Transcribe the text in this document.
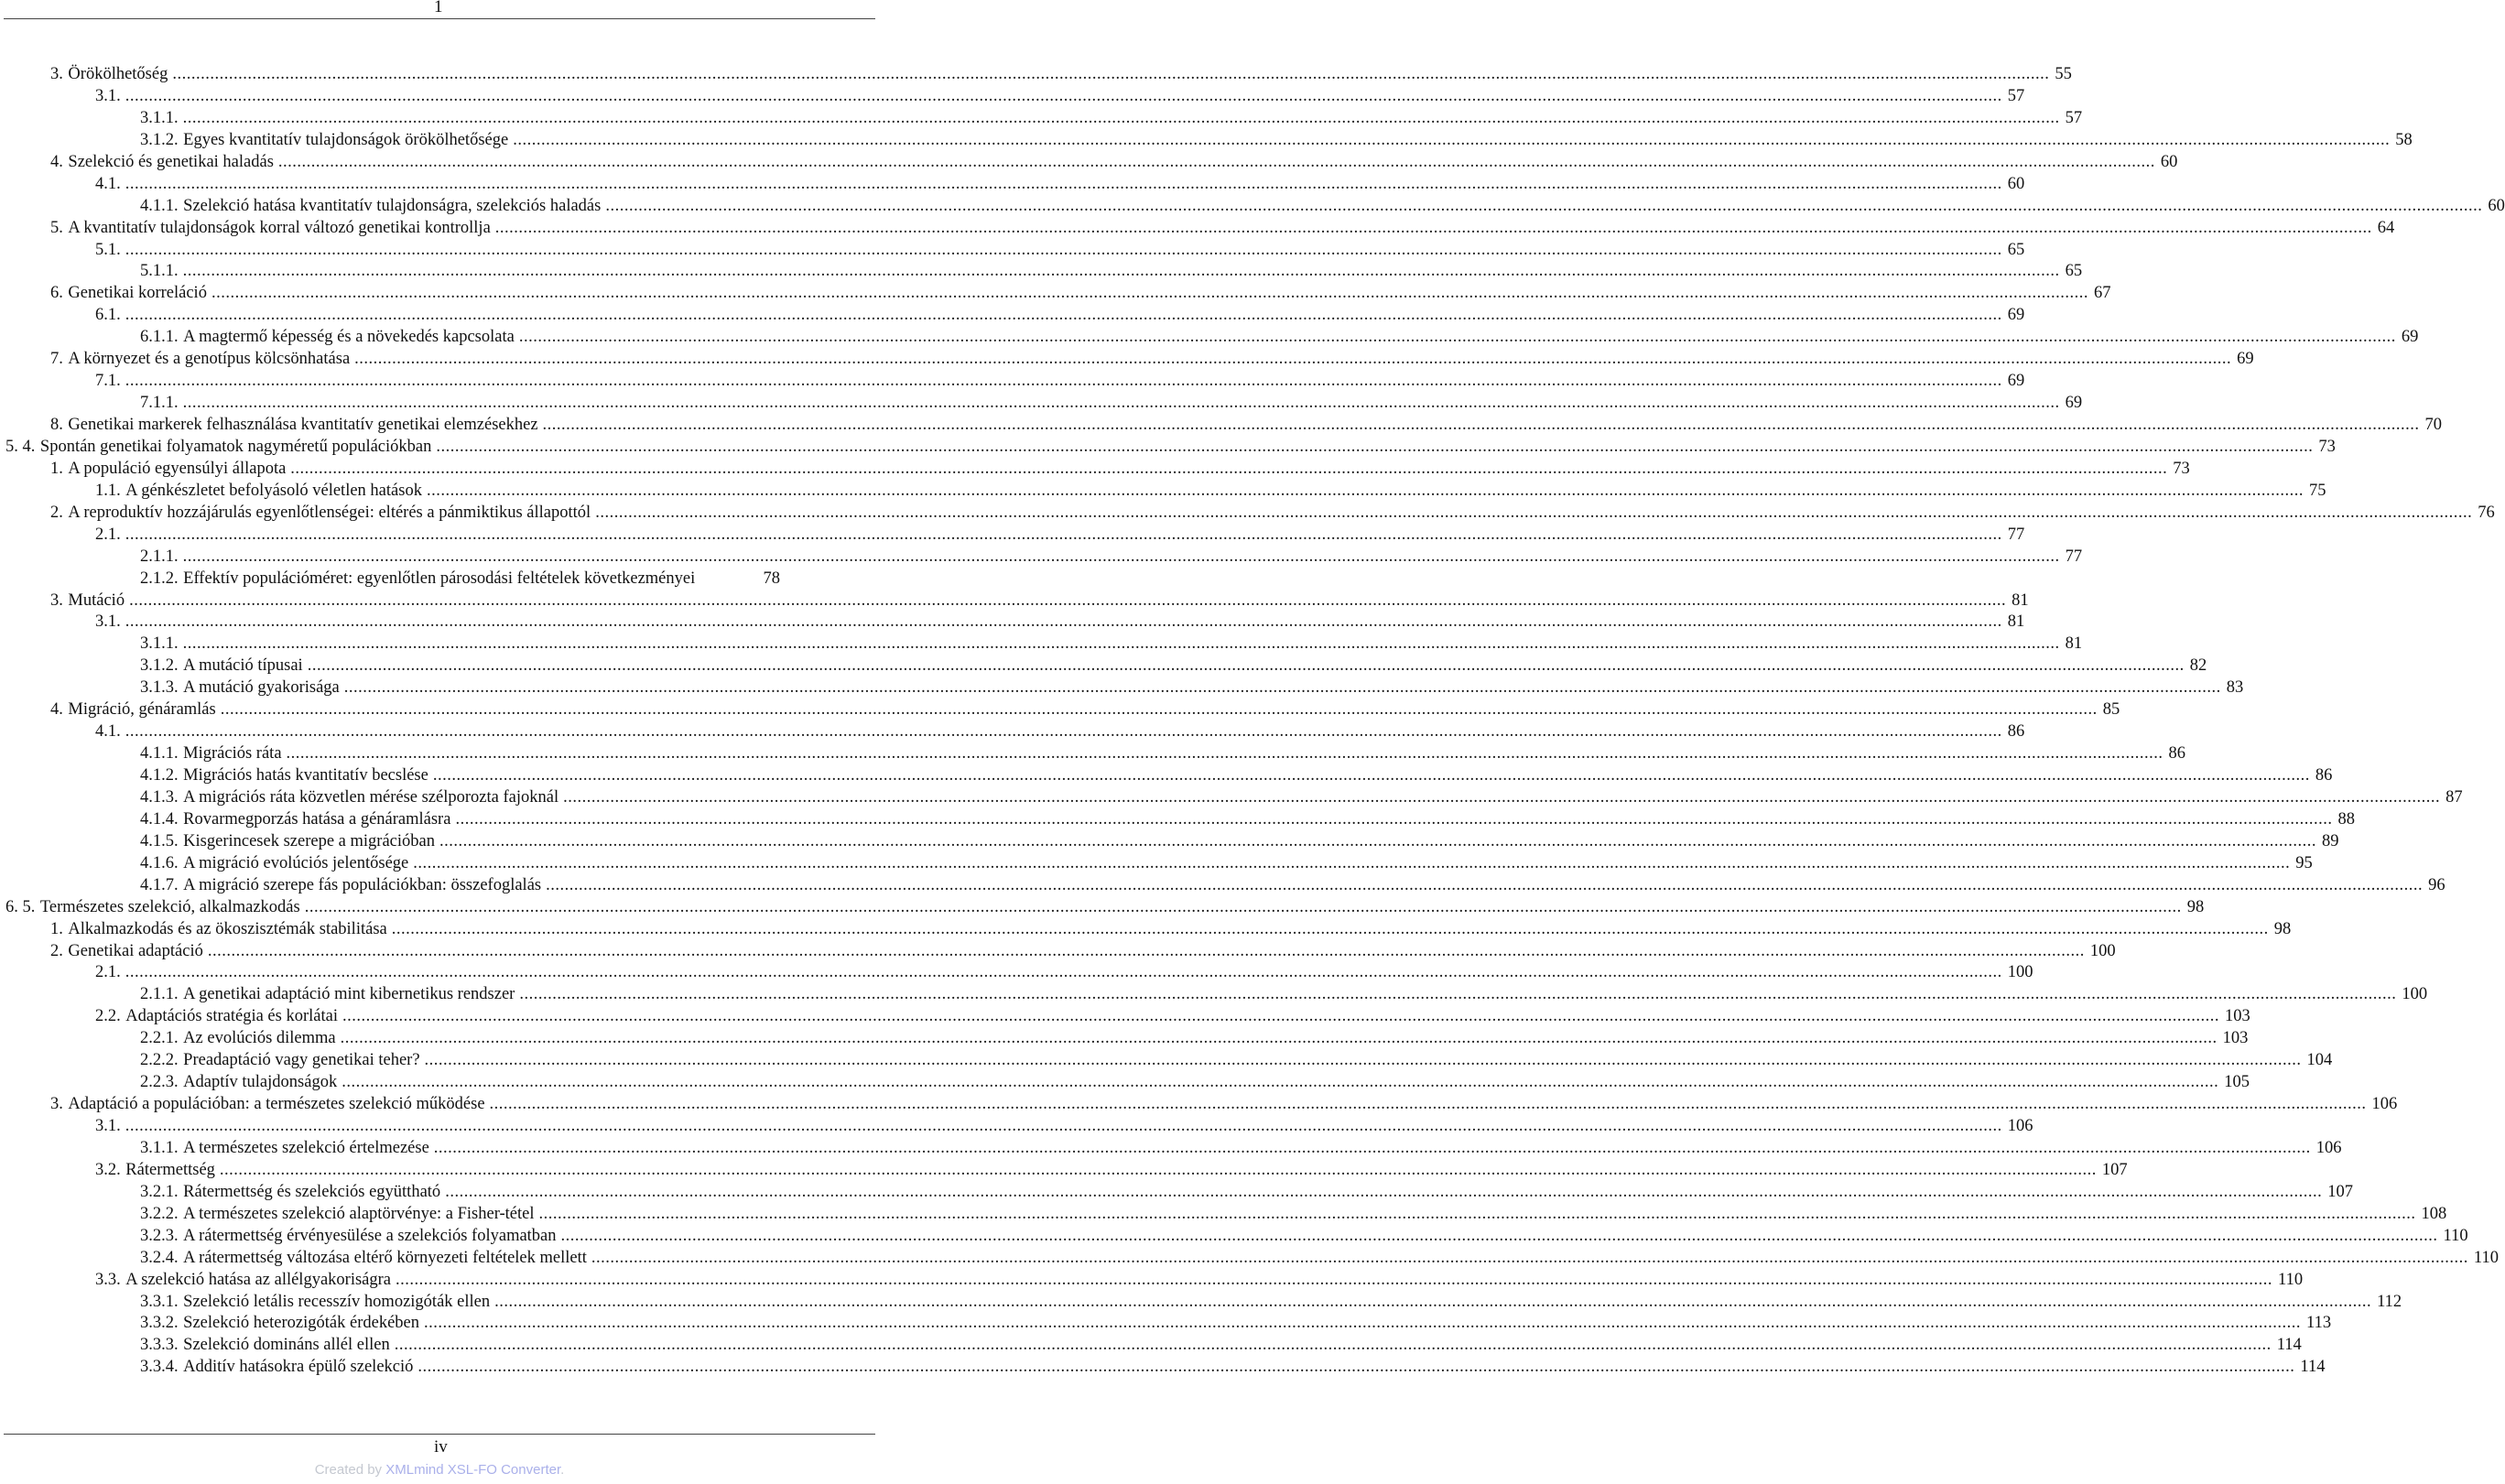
1
3. Örökölhetőség ................................................................................................................................................................................................................................................................................................................................................................................................................ 55
3.1. ................................................................................................................................................................................................................................................................................................................................................................................................................ 57
3.1.1. ................................................................................................................................................................................................................................................................................................................................................................................................................ 57
3.1.2. Egyes kvantitatív tulajdonságok örökölhetősége ................................................................................................................................................................................................................................................................................................................................................................................................................ 58
4. Szelekció és genetikai haladás ................................................................................................................................................................................................................................................................................................................................................................................................................ 60
4.1. ................................................................................................................................................................................................................................................................................................................................................................................................................ 60
4.1.1. Szelekció hatása kvantitatív tulajdonságra, szelekciós haladás ................................................................................................................................................................................................................................................................................................................................................................................................................ 60
5. A kvantitatív tulajdonságok korral változó genetikai kontrollja ................................................................................................................................................................................................................................................................................................................................................................................................................ 64
5.1. ................................................................................................................................................................................................................................................................................................................................................................................................................ 65
5.1.1. ................................................................................................................................................................................................................................................................................................................................................................................................................ 65
6. Genetikai korreláció ................................................................................................................................................................................................................................................................................................................................................................................................................ 67
6.1. ................................................................................................................................................................................................................................................................................................................................................................................................................ 69
6.1.1. A magtermő képesség és a növekedés kapcsolata ................................................................................................................................................................................................................................................................................................................................................................................................................ 69
7. A környezet és a genotípus kölcsönhatása ................................................................................................................................................................................................................................................................................................................................................................................................................ 69
7.1. ................................................................................................................................................................................................................................................................................................................................................................................................................ 69
7.1.1. ................................................................................................................................................................................................................................................................................................................................................................................................................ 69
8. Genetikai markerek felhasználása kvantitatív genetikai elemzésekhez ................................................................................................................................................................................................................................................................................................................................................................................................................ 70
5. 4. Spontán genetikai folyamatok nagyméretű populációkban ................................................................................................................................................................................................................................................................................................................................................................................................................ 73
1. A populáció egyensúlyi állapota ................................................................................................................................................................................................................................................................................................................................................................................................................ 73
1.1. A génkészletet befolyásoló véletlen hatások ................................................................................................................................................................................................................................................................................................................................................................................................................ 75
2. A reproduktív hozzájárulás egyenlőtlenségei: eltérés a pánmiktikus állapottól ................................................................................................................................................................................................................................................................................................................................................................................................................ 76
2.1. ................................................................................................................................................................................................................................................................................................................................................................................................................ 77
2.1.1. ................................................................................................................................................................................................................................................................................................................................................................................................................ 77
2.1.2. Effektív populációméret: egyenlőtlen párosodási feltételek következményei	78
3. Mutáció ................................................................................................................................................................................................................................................................................................................................................................................................................ 81
3.1. ................................................................................................................................................................................................................................................................................................................................................................................................................ 81
3.1.1. ................................................................................................................................................................................................................................................................................................................................................................................................................ 81
3.1.2. A mutáció típusai ................................................................................................................................................................................................................................................................................................................................................................................................................ 82
3.1.3. A mutáció gyakorisága ................................................................................................................................................................................................................................................................................................................................................................................................................ 83
4. Migráció, génáramlás ................................................................................................................................................................................................................................................................................................................................................................................................................ 85
4.1. ................................................................................................................................................................................................................................................................................................................................................................................................................ 86
4.1.1. Migrációs ráta ................................................................................................................................................................................................................................................................................................................................................................................................................ 86
4.1.2. Migrációs hatás kvantitatív becslése ................................................................................................................................................................................................................................................................................................................................................................................................................ 86
4.1.3. A migrációs ráta közvetlen mérése szélporozta fajoknál ................................................................................................................................................................................................................................................................................................................................................................................................................ 87
4.1.4. Rovarmegporzás hatása a génáramlásra ................................................................................................................................................................................................................................................................................................................................................................................................................ 88
4.1.5. Kisgerincesek szerepe a migrációban ................................................................................................................................................................................................................................................................................................................................................................................................................ 89
4.1.6. A migráció evolúciós jelentősége ................................................................................................................................................................................................................................................................................................................................................................................................................ 95
4.1.7. A migráció szerepe fás populációkban: összefoglalás ................................................................................................................................................................................................................................................................................................................................................................................................................ 96
6. 5. Természetes szelekció, alkalmazkodás ................................................................................................................................................................................................................................................................................................................................................................................................................ 98
1. Alkalmazkodás és az ökoszisztémák stabilitása ................................................................................................................................................................................................................................................................................................................................................................................................................ 98
2. Genetikai adaptáció ................................................................................................................................................................................................................................................................................................................................................................................................................ 100
2.1. ................................................................................................................................................................................................................................................................................................................................................................................................................ 100
2.1.1. A genetikai adaptáció mint kibernetikus rendszer ................................................................................................................................................................................................................................................................................................................................................................................................................ 100
2.2. Adaptációs stratégia és korlátai ................................................................................................................................................................................................................................................................................................................................................................................................................ 103
2.2.1. Az evolúciós dilemma ................................................................................................................................................................................................................................................................................................................................................................................................................ 103
2.2.2. Preadaptáció vagy genetikai teher? ................................................................................................................................................................................................................................................................................................................................................................................................................ 104
2.2.3. Adaptív tulajdonságok ................................................................................................................................................................................................................................................................................................................................................................................................................ 105
3. Adaptáció a populációban: a természetes szelekció működése ................................................................................................................................................................................................................................................................................................................................................................................................................ 106
3.1. ................................................................................................................................................................................................................................................................................................................................................................................................................ 106
3.1.1. A természetes szelekció értelmezése ................................................................................................................................................................................................................................................................................................................................................................................................................ 106
3.2. Rátermettség ................................................................................................................................................................................................................................................................................................................................................................................................................ 107
3.2.1. Rátermettség és szelekciós együttható ................................................................................................................................................................................................................................................................................................................................................................................................................ 107
3.2.2. A természetes szelekció alaptörvénye: a Fisher-tétel ................................................................................................................................................................................................................................................................................................................................................................................................................ 108
3.2.3. A rátermettség érvényesülése a szelekciós folyamatban ................................................................................................................................................................................................................................................................................................................................................................................................................ 110
3.2.4. A rátermettség változása eltérő környezeti feltételek mellett ................................................................................................................................................................................................................................................................................................................................................................................................................ 110
3.3. A szelekció hatása az allélgyakoriságra ................................................................................................................................................................................................................................................................................................................................................................................................................ 110
3.3.1. Szelekció letális recesszív homozigóták ellen ................................................................................................................................................................................................................................................................................................................................................................................................................ 112
3.3.2. Szelekció heterozigóták érdekében ................................................................................................................................................................................................................................................................................................................................................................................................................ 113
3.3.3. Szelekció domináns allél ellen ................................................................................................................................................................................................................................................................................................................................................................................................................ 114
3.3.4. Additív hatásokra épülő szelekció ................................................................................................................................................................................................................................................................................................................................................................................................................ 114
iv
Created by XMLmind XSL-FO Converter.
